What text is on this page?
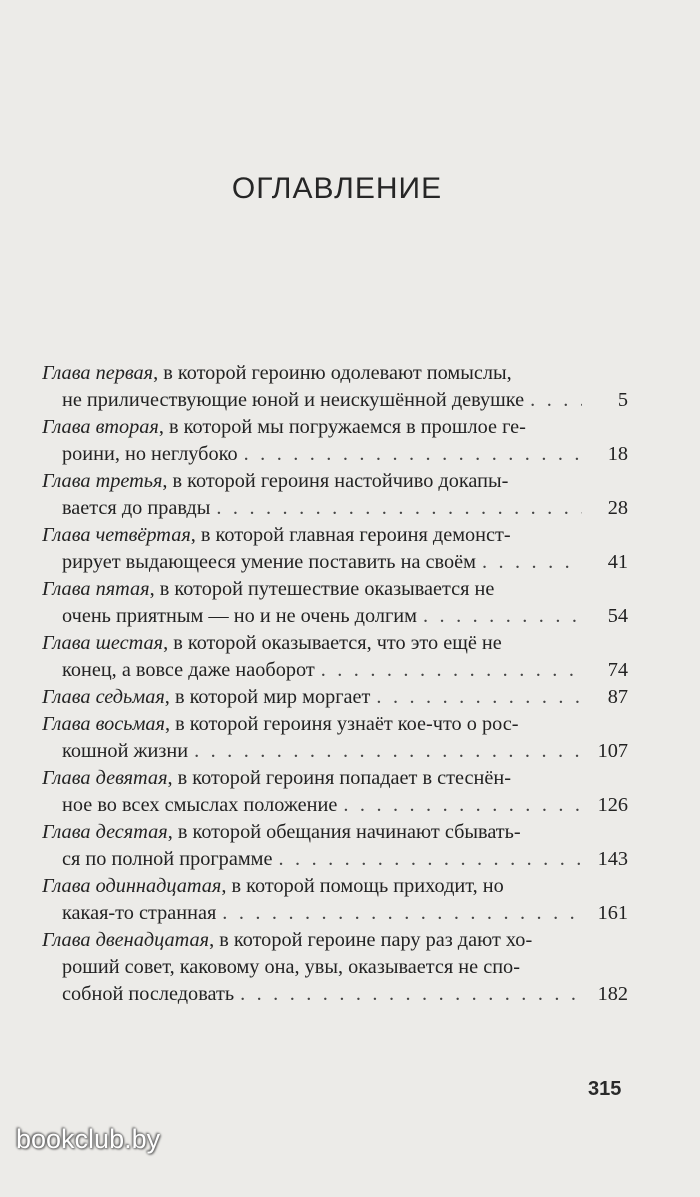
ОГЛАВЛЕНИЕ
Глава первая, в которой героиню одолевают помыслы,
не приличествующие юной и неискушённой девушке . . .	5
Глава вторая, в которой мы погружаемся в прошлое ге-
роини, но неглубоко . . .	18
Глава третья, в которой героиня настойчиво докапы-
вается до правды . . .	28
Глава четвёртая, в которой главная героиня демонст-
рирует выдающееся умение поставить на своём . . .	41
Глава пятая, в которой путешествие оказывается не
очень приятным — но и не очень долгим . . .	54
Глава шестая, в которой оказывается, что это ещё не
конец, а вовсе даже наоборот . . .	74
Глава седьмая, в которой мир моргает . . .	87
Глава восьмая, в которой героиня узнаёт кое-что о рос-
кошной жизни . . .	107
Глава девятая, в которой героиня попадает в стеснён-
ное во всех смыслах положение . . .	126
Глава десятая, в которой обещания начинают сбывать-
ся по полной программе . . .	143
Глава одиннадцатая, в которой помощь приходит, но
какая-то странная . . .	161
Глава двенадцатая, в которой героине пару раз дают хо-
роший совет, каковому она, увы, оказывается не спо-
собной последовать . . .	182
315
bookclub.by
